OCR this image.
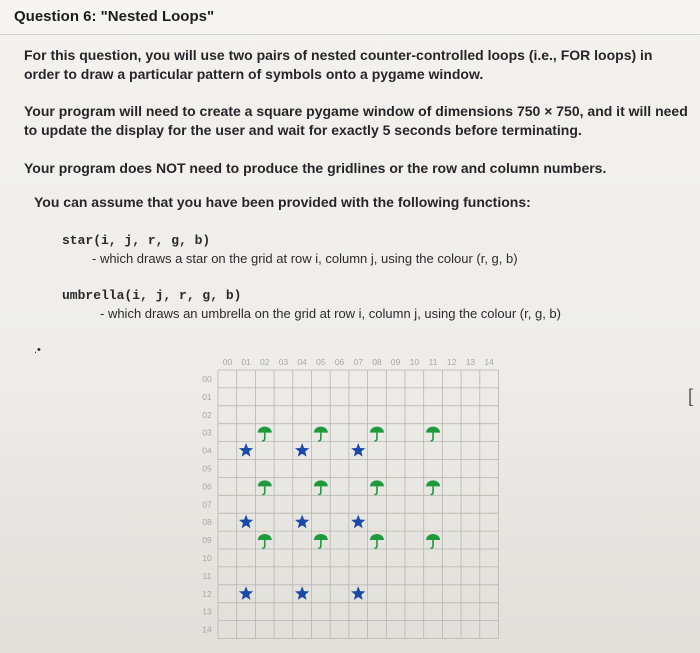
Question 6: "Nested Loops"

For this question, you will use two pairs of nested counter-controlled loops (i.e., FOR loops) in order to draw a particular pattern of symbols onto a pygame window.

Your program will need to create a square pygame window of dimensions 750 × 750, and it will need to update the display for the user and wait for exactly 5 seconds before terminating.

Your program does NOT need to produce the gridlines or the row and column numbers.

You can assume that you have been provided with the following functions:

star(i, j, r, g, b)

- which draws a star on the grid at row i, column j, using the colour (r, g, b)

umbrella(i, j, r, g, b)

- which draws an umbrella on the grid at row i, column j, using the colour (r, g, b)

.•
[
00 01 02 03 04 05 06 07 08 09 10 11 12 13 14
00
01
02
03
04
05
06
07
08
09
10
11
12
13
14
